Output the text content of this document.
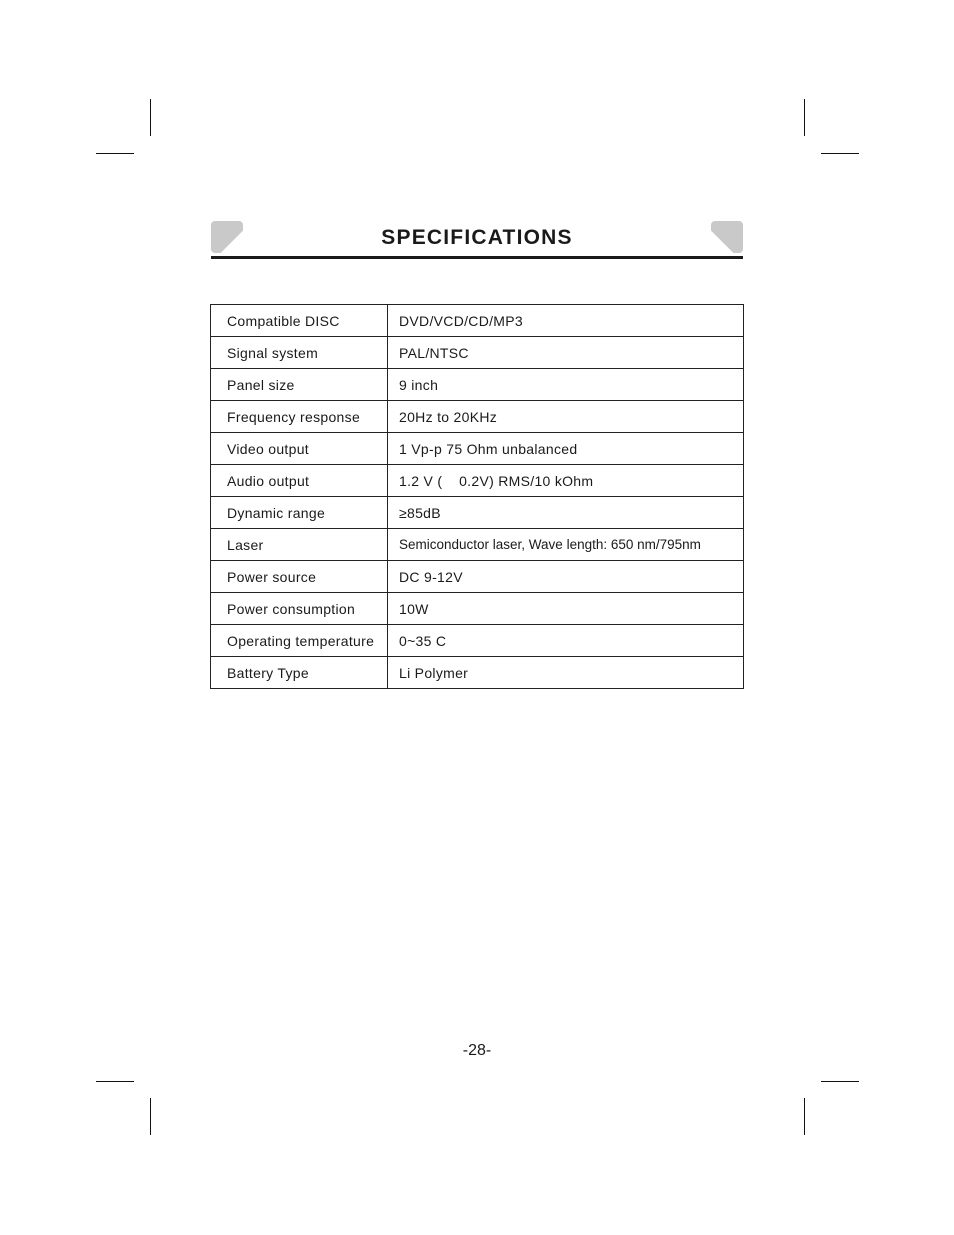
SPECIFICATIONS
Compatible DISC	DVD/VCD/CD/MP3
Signal system	PAL/NTSC
Panel size	9 inch
Frequency response	20Hz to 20KHz
Video output	1 Vp-p 75 Ohm unbalanced
Audio output	1.2 V (    0.2V) RMS/10 kOhm
Dynamic range	≥85dB
Laser	Semiconductor laser, Wave length: 650 nm/795nm
Power source	DC 9-12V
Power consumption	10W
Operating temperature	0~35 C
Battery Type	Li Polymer
-28-
